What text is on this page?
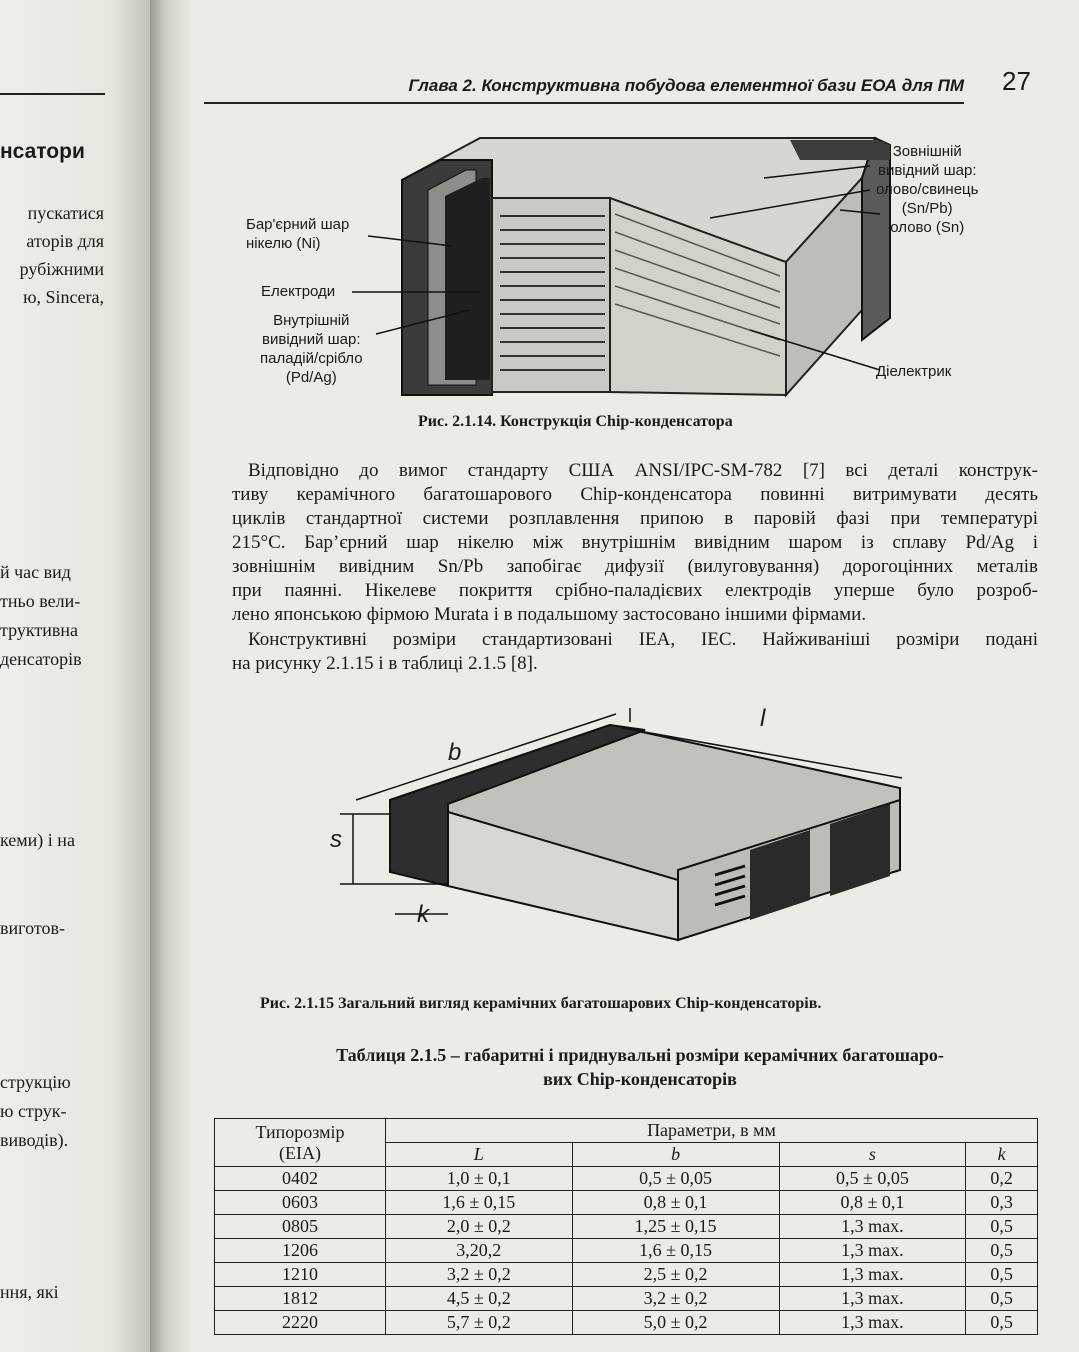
нсатори
пускатися
аторів для
рубіжними
ю, Sincera,
й час вид
тньо вели-
труктивна
денсаторів
кеми) і на
виготов-
струкцію
ю струк-
виводів).
ння, які
Глава 2. Конструктивна побудова елементної бази ЕОА для ПМ 27
Бар'єрний шар
нікелю (Ni)
Електроди
Внутрішній
вивідний шар:
паладій/срібло
(Pd/Ag)
Зовнішній
вивідний шар:
олово/свинець
(Sn/Pb)
олово (Sn)
Діелектрик
Рис. 2.1.14. Конструкція Chip-конденсатора
Відповідно до вимог стандарту США ANSI/IPC-SM-782 [7] всі деталі конструк-
тиву керамічного багатошарового Chip-конденсатора повинні витримувати десять
циклів стандартної системи розплавлення припою в паровій фазі при температурі
215°С. Бар’єрний шар нікелю між внутрішнім вивідним шаром із сплаву Pd/Ag і
зовнішнім вивідним Sn/Pb запобігає дифузії (вилуговування) дорогоцінних металів
при паянні. Нікелеве покриття срібно-паладієвих електродів уперше було розроб-
лено японською фірмою Murata і в подальшому застосовано іншими фірмами.
Конструктивні розміри стандартизовані IEA, IEC. Найживаніші розміри подані
на рисунку 2.1.15 і в таблиці 2.1.5 [8].
l
b
s
k
Рис. 2.1.15 Загальний вигляд керамічних багатошарових Chip-конденсаторів.
Таблиця 2.1.5 – габаритні і приднувальні розміри керамічних багатошаро-
вих Chip-конденсаторів
Типорозмір
(EIA)	Параметри, в мм			
	L	b	s	k
0402	1,0 ± 0,1	0,5 ± 0,05	0,5 ± 0,05	0,2
0603	1,6 ± 0,15	0,8 ± 0,1	0,8 ± 0,1	0,3
0805	2,0 ± 0,2	1,25 ± 0,15	1,3 max.	0,5
1206	3,20,2	1,6 ± 0,15	1,3 max.	0,5
1210	3,2 ± 0,2	2,5 ± 0,2	1,3 max.	0,5
1812	4,5 ± 0,2	3,2 ± 0,2	1,3 max.	0,5
2220	5,7 ± 0,2	5,0 ± 0,2	1,3 max.	0,5
